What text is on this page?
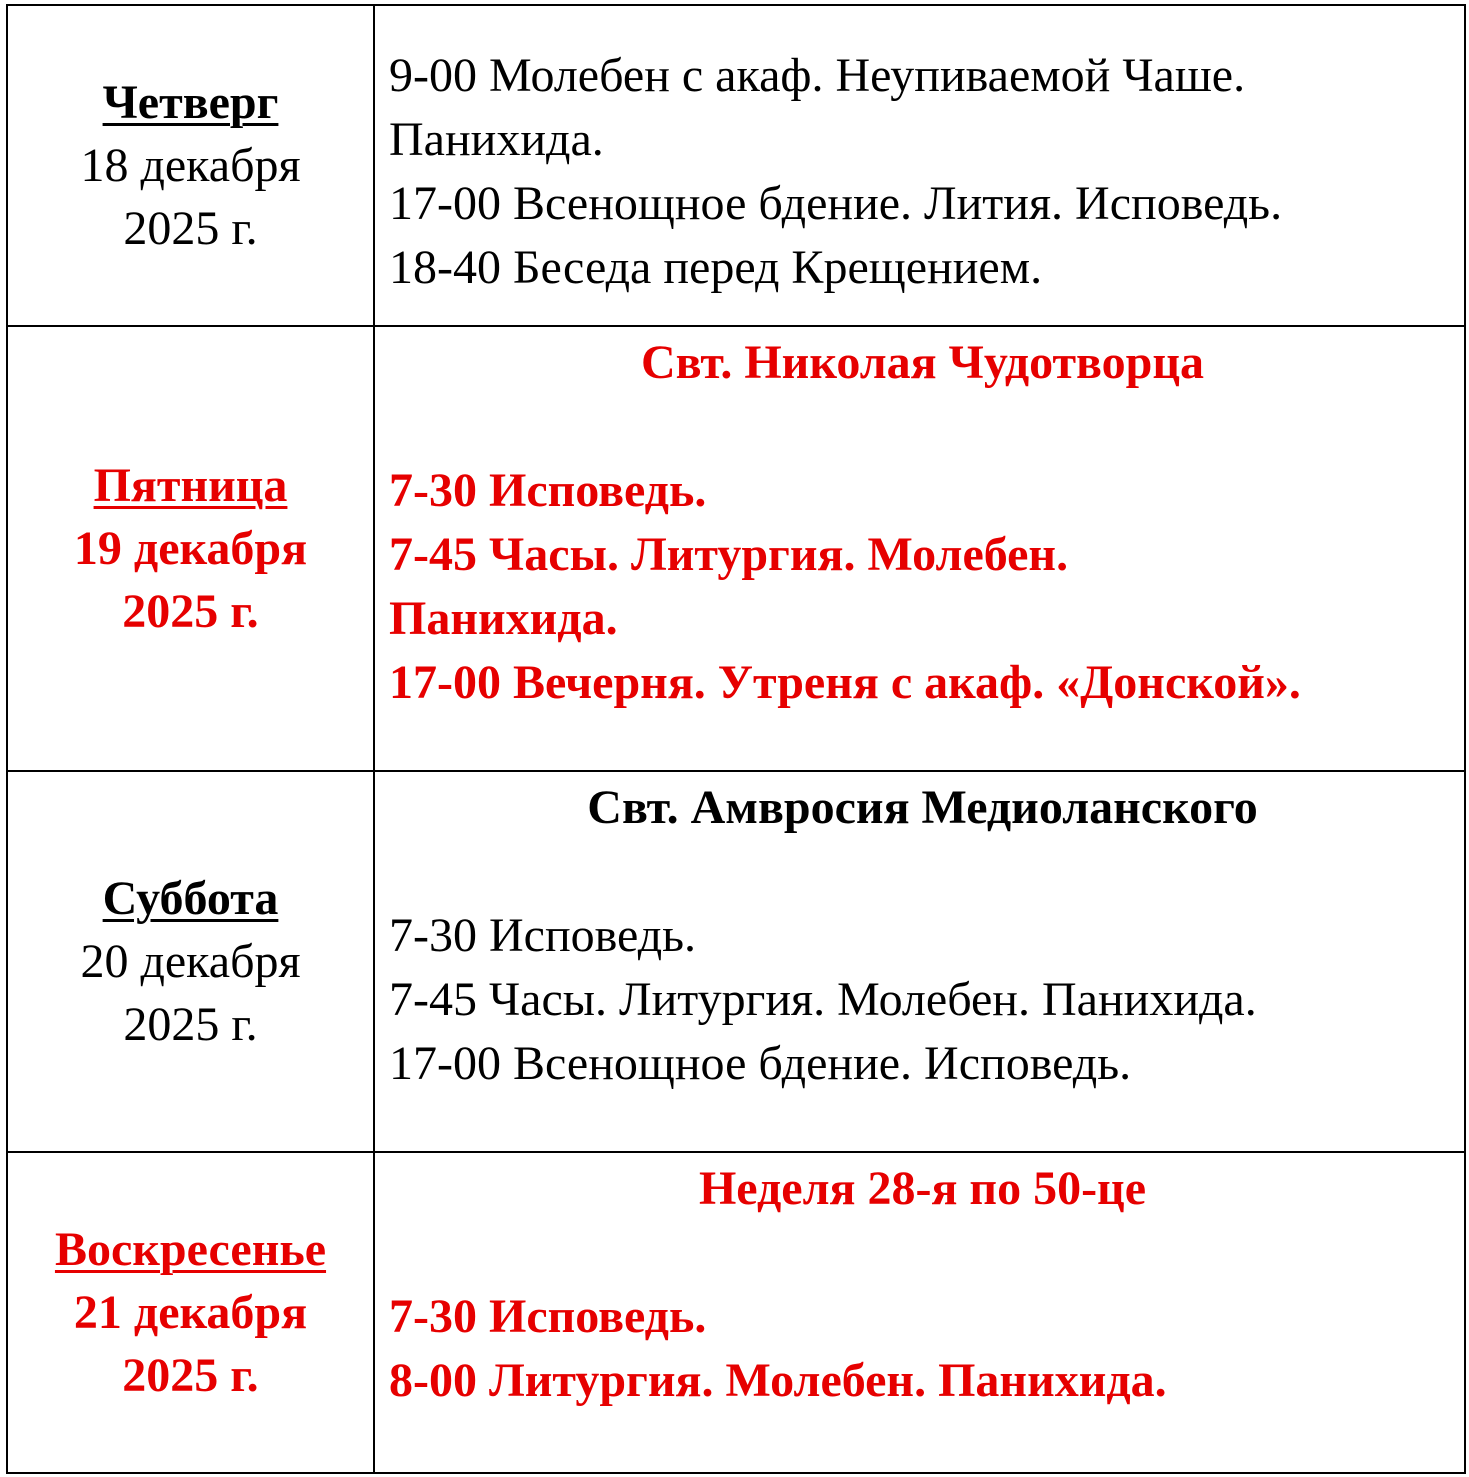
Четверг
18 декабря
2025 г.	9-00 Молебен с акаф. Неупиваемой Чаше.
Панихида.
17-00 Всенощное бдение. Лития. Исповедь.
18-40 Беседа перед Крещением.

Пятница
19 декабря
2025 г.	Свт. Николая Чудотворца
7-30 Исповедь.
7-45 Часы. Литургия. Молебен.
Панихида.
17-00 Вечерня. Утреня с акаф. «Донской».

Суббота
20 декабря
2025 г.	Свт. Амвросия Медиоланского
7-30 Исповедь.
7-45 Часы. Литургия. Молебен. Панихида.
17-00 Всенощное бдение. Исповедь.

Воскресенье
21 декабря
2025 г.	Неделя 28-я по 50-це
7-30 Исповедь.
8-00 Литургия. Молебен. Панихида.
